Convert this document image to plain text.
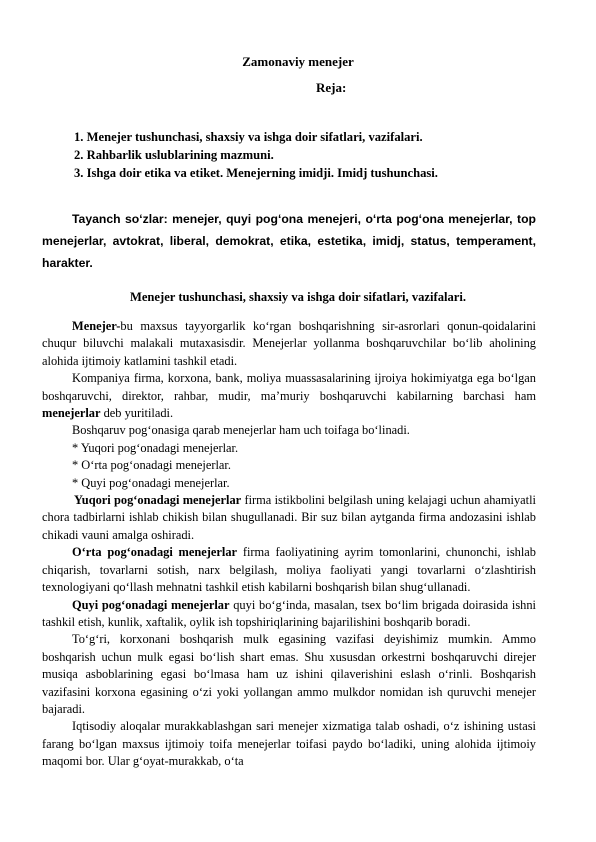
Zamonaviy menejer
Reja:
1. Menejer tushunchasi, shaxsiy va ishga doir sifatlari, vazifalari.
2. Rahbarlik uslublarining mazmuni.
3. Ishga doir etika va etiket. Menejerning imidji. Imidj tushunchasi.

Tayanch so‘zlar: menejer, quyi pog‘ona menejeri, o‘rta pog‘ona menejerlar, top menejerlar, avtokrat, liberal, demokrat, etika, estetika, imidj, status, temperament, harakter.

Menejer tushunchasi, shaxsiy va ishga doir sifatlari, vazifalari.

Menejer-bu maxsus tayyorgarlik ko‘rgan boshqarishning sir-asrorlari qonun-qoidalarini chuqur biluvchi malakali mutaxasisdir. Menejerlar yollanma boshqaruvchilar bo‘lib aholining alohida ijtimoiy katlamini tashkil etadi.

Kompaniya firma, korxona, bank, moliya muassasalarining ijroiya hokimiyatga ega bo‘lgan boshqaruvchi, direktor, rahbar, mudir, ma’muriy boshqaruvchi kabilarning barchasi ham menejerlar deb yuritiladi.

Boshqaruv pog‘onasiga qarab menejerlar ham uch toifaga bo‘linadi.

* Yuqori pog‘onadagi menejerlar.

* O‘rta pog‘onadagi menejerlar.

* Quyi pog‘onadagi menejerlar.

Yuqori pog‘onadagi menejerlar firma istikbolini belgilash uning kelajagi uchun ahamiyatli chora tadbirlarni ishlab chikish bilan shugullanadi. Bir suz bilan aytganda firma andozasini ishlab chikadi vauni amalga oshiradi.

O‘rta pog‘onadagi menejerlar firma faoliyatining ayrim tomonlarini, chunonchi, ishlab chiqarish, tovarlarni sotish, narx belgilash, moliya faoliyati yangi tovarlarni o‘zlashtirish texnologiyani qo‘llash mehnatni tashkil etish kabilarni boshqarish bilan shug‘ullanadi.

Quyi pog‘onadagi menejerlar quyi bo‘g‘inda, masalan, tsex bo‘lim brigada doirasida ishni tashkil etish, kunlik, xaftalik, oylik ish topshiriqlarining bajarilishini boshqarib boradi.

To‘g‘ri, korxonani boshqarish mulk egasining vazifasi deyishimiz mumkin. Ammo boshqarish uchun mulk egasi bo‘lish shart emas. Shu xususdan orkestrni boshqaruvchi direjer musiqa asboblarining egasi bo‘lmasa ham uz ishini qilaverishini eslash o‘rinli. Boshqarish vazifasini korxona egasining o‘zi yoki yollangan ammo mulkdor nomidan ish quruvchi menejer bajaradi.

Iqtisodiy aloqalar murakkablashgan sari menejer xizmatiga talab oshadi, o‘z ishining ustasi farang bo‘lgan maxsus ijtimoiy toifa menejerlar toifasi paydo bo‘ladiki, uning alohida ijtimoiy maqomi bor. Ular g‘oyat-murakkab, o‘ta
